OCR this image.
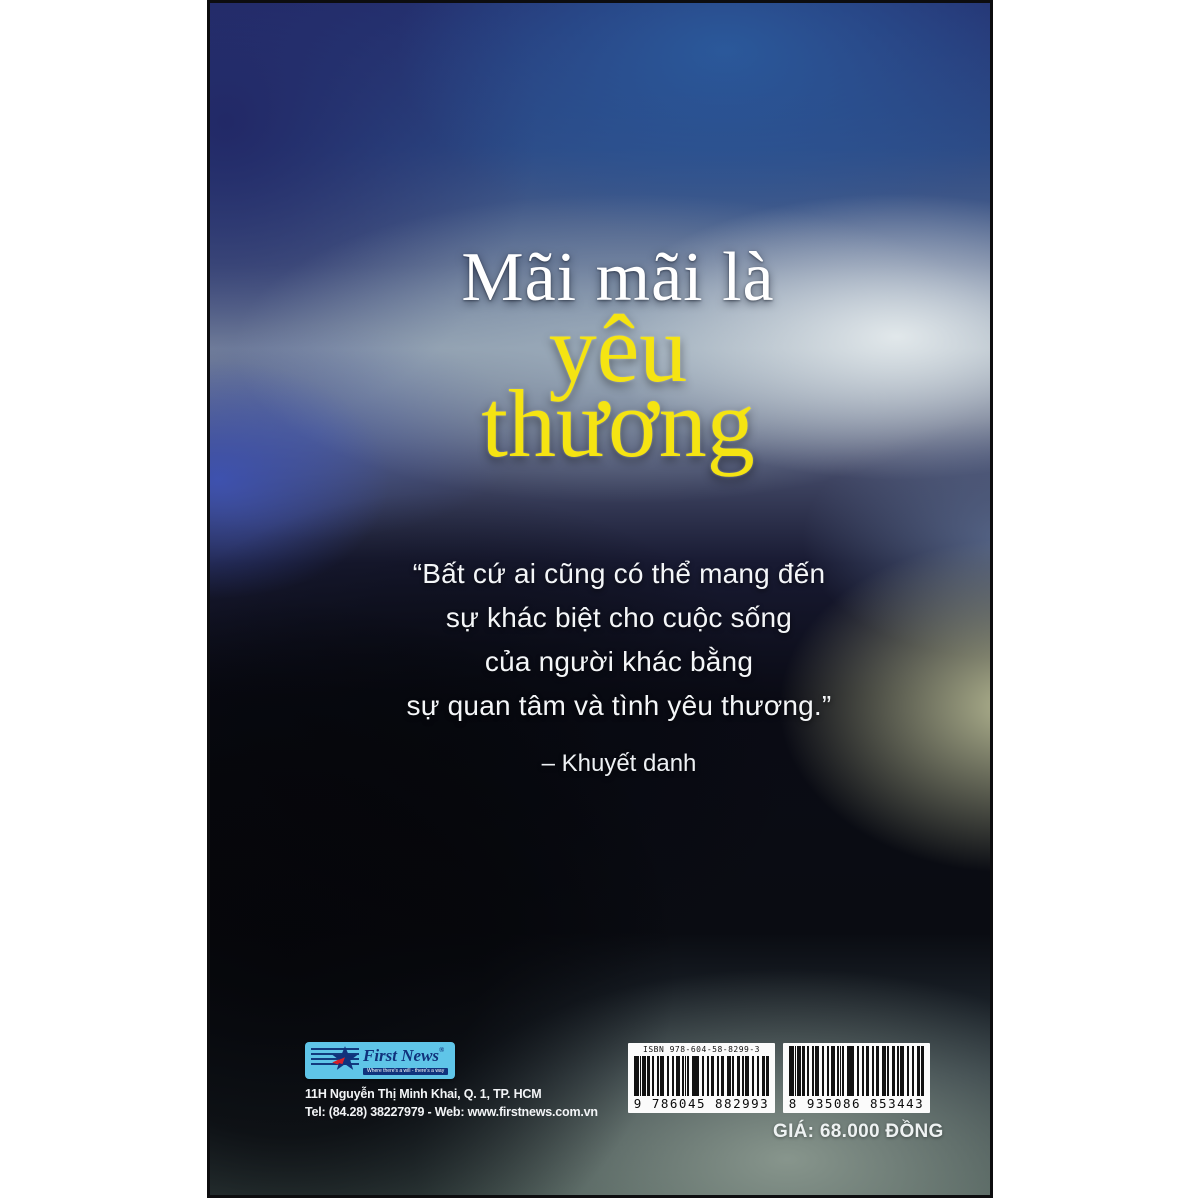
Mãi mãi là
yêu
thương
“Bất cứ ai cũng có thể mang đến
sự khác biệt cho cuộc sống
của người khác bằng
sự quan tâm và tình yêu thương.”
– Khuyết danh
First News®
Where there's a will - there's a way
11H Nguyễn Thị Minh Khai, Q. 1, TP. HCM
Tel: (84.28) 38227979 - Web: www.firstnews.com.vn
ISBN 978-604-58-8299-3
9 786045 882993 8 935086 853443
GIÁ: 68.000 ĐỒNG
